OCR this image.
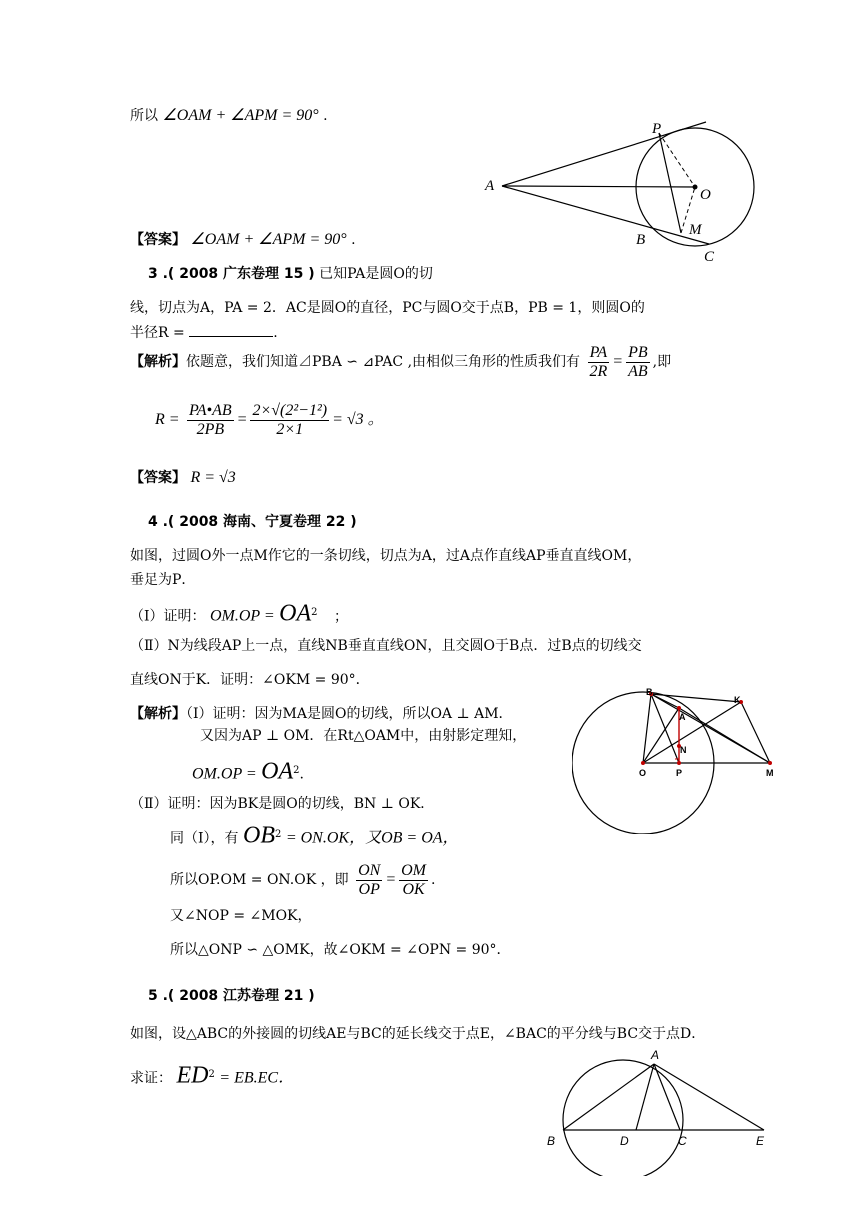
所以 ∠OAM + ∠APM = 90° .
P
A
O
B
M
C
【答案】 ∠OAM + ∠APM = 90° .
3 .( 2008 广东卷理 15 ) 已知PA是圆O的切
线，切点为A，PA = 2．AC是圆O的直径，PC与圆O交于点B，PB = 1，则圆O的
半径R =	.
【解析】依题意，我们知道⊿PBA ∽ ⊿PAC ,由相似三角形的性质我们有 $\frac{PA}{2R} = \frac{PB}{AB}$ ,即
$R = \frac{PA•AB}{2PB} = \frac{\text{2×√(2²−1²)}}{2\times 1} = √3$ 。
【答案】 R = √3
4 .( 2008 海南、宁夏卷理 22 )
如图，过圆O外一点M作它的一条切线，切点为A，过A点作直线AP垂直直线OM，
垂足为P．
（Ⅰ）证明： $OM.OP = OA^2$ ；
（Ⅱ）N为线段AP上一点，直线NB垂直直线ON，且交圆O于B点．过B点的切线交
直线ON于K．证明：∠OKM = 90°．
【解析】（Ⅰ）证明：因为MA是圆O的切线，所以OA ⊥ AM．
又因为AP ⊥ OM．在Rt△OAM中，由射影定理知，
$OM.OP = OA^2$.
（Ⅱ）证明：因为BK是圆O的切线，BN ⊥ OK．
同（Ⅰ），有 $OB^2 = ON.OK$，又OB = OA，
所以OP.OM = ON.OK ，即 $\frac{ON}{OP} = \frac{OM}{OK}$ .
又∠NOP = ∠MOK，
所以△ONP ∽ △OMK，故∠OKM = ∠OPN = 90°．
B
K
A
N
O	P	M
5 .( 2008 江苏卷理 21 )
如图，设△ABC的外接圆的切线AE与BC的延长线交于点E，∠BAC的平分线与BC交于点D．
求证： $ED^2 = EB.EC$．
A
B	D	C	E
